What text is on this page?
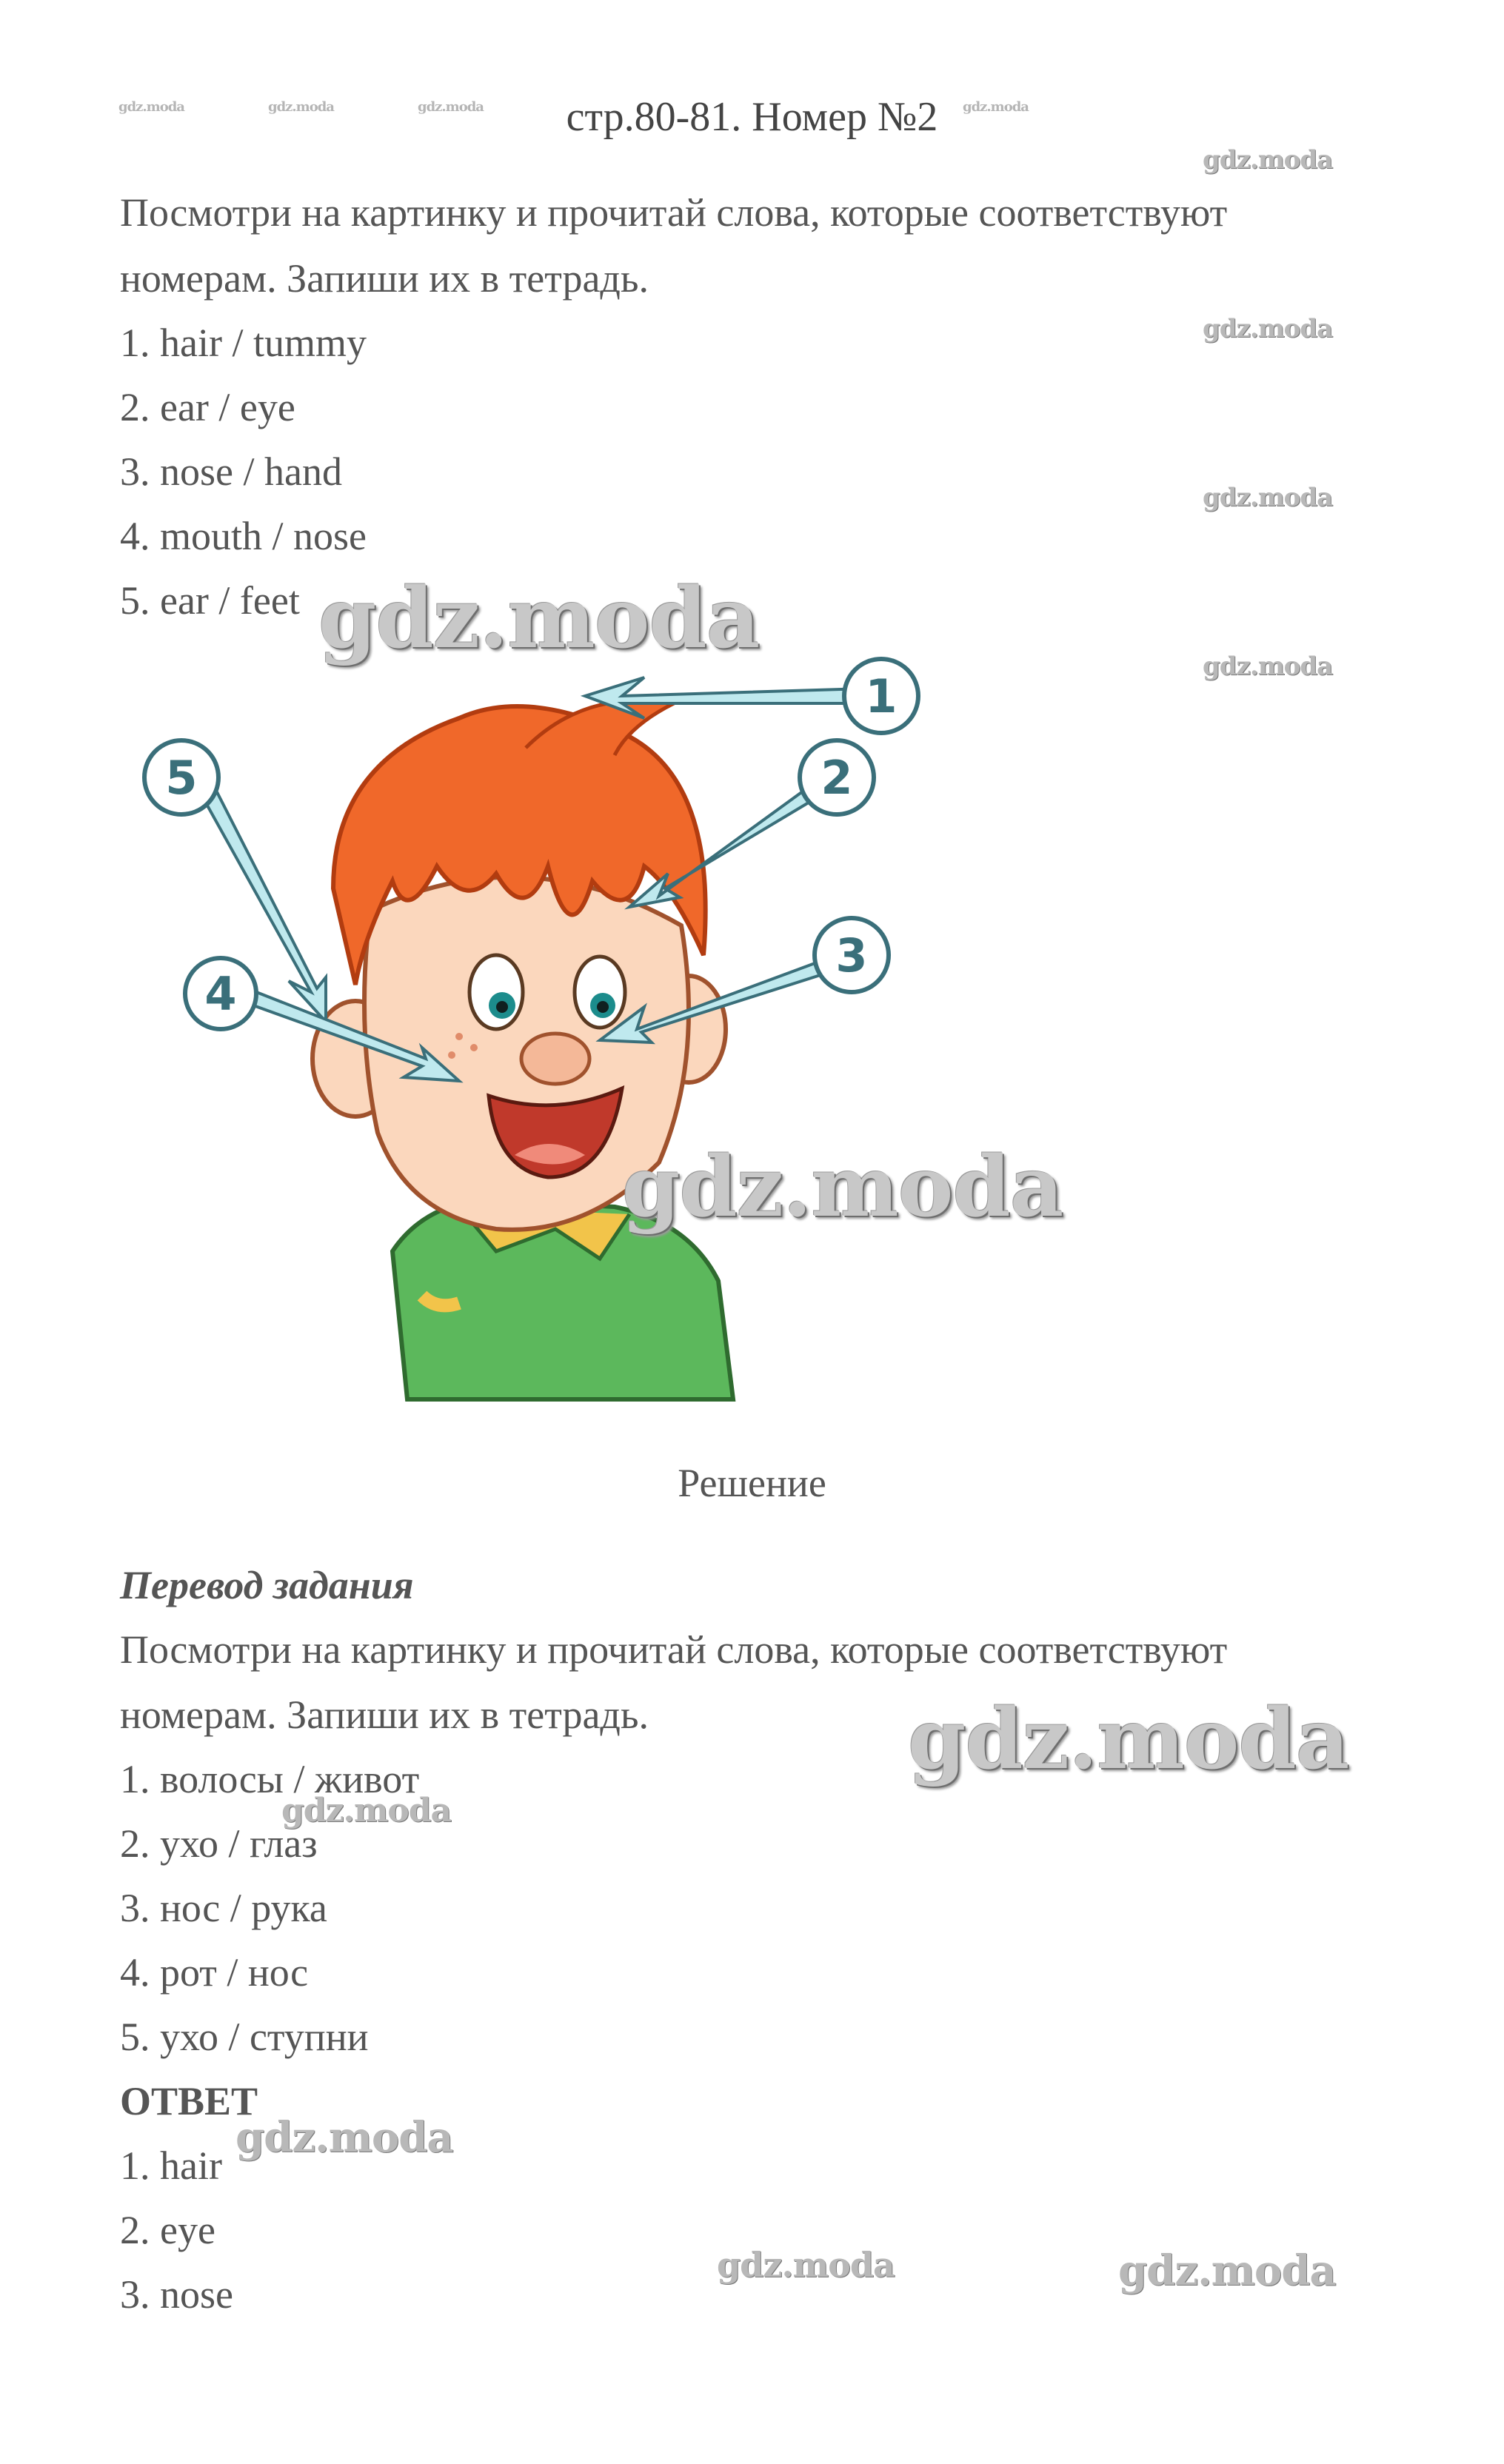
gdz.moda	gdz.moda	gdz.moda	gdz.moda
стр.80-81. Номер №2
gdz.moda
Посмотри на картинку и прочитай слова, которые соответствуют
номерам. Запиши их в тетрадь.
1. hair / tummy	gdz.moda
2. ear / eye
3. nose / hand
4. mouth / nose
gdz.moda
5. ear / feet
gdz.moda
1
2
3
5
4
gdz.moda
gdz.moda
Решение
Перевод задания
Посмотри на картинку и прочитай слова, которые соответствуют
номерам. Запиши их в тетрадь.	gdz.moda
1. волосы / живот
gdz.moda
2. ухо / глаз
3. нос / рука
4. рот / нос
5. ухо / ступни
ОТВЕТ
1. hair
gdz.moda
2. eye
3. nose
gdz.moda	gdz.moda
